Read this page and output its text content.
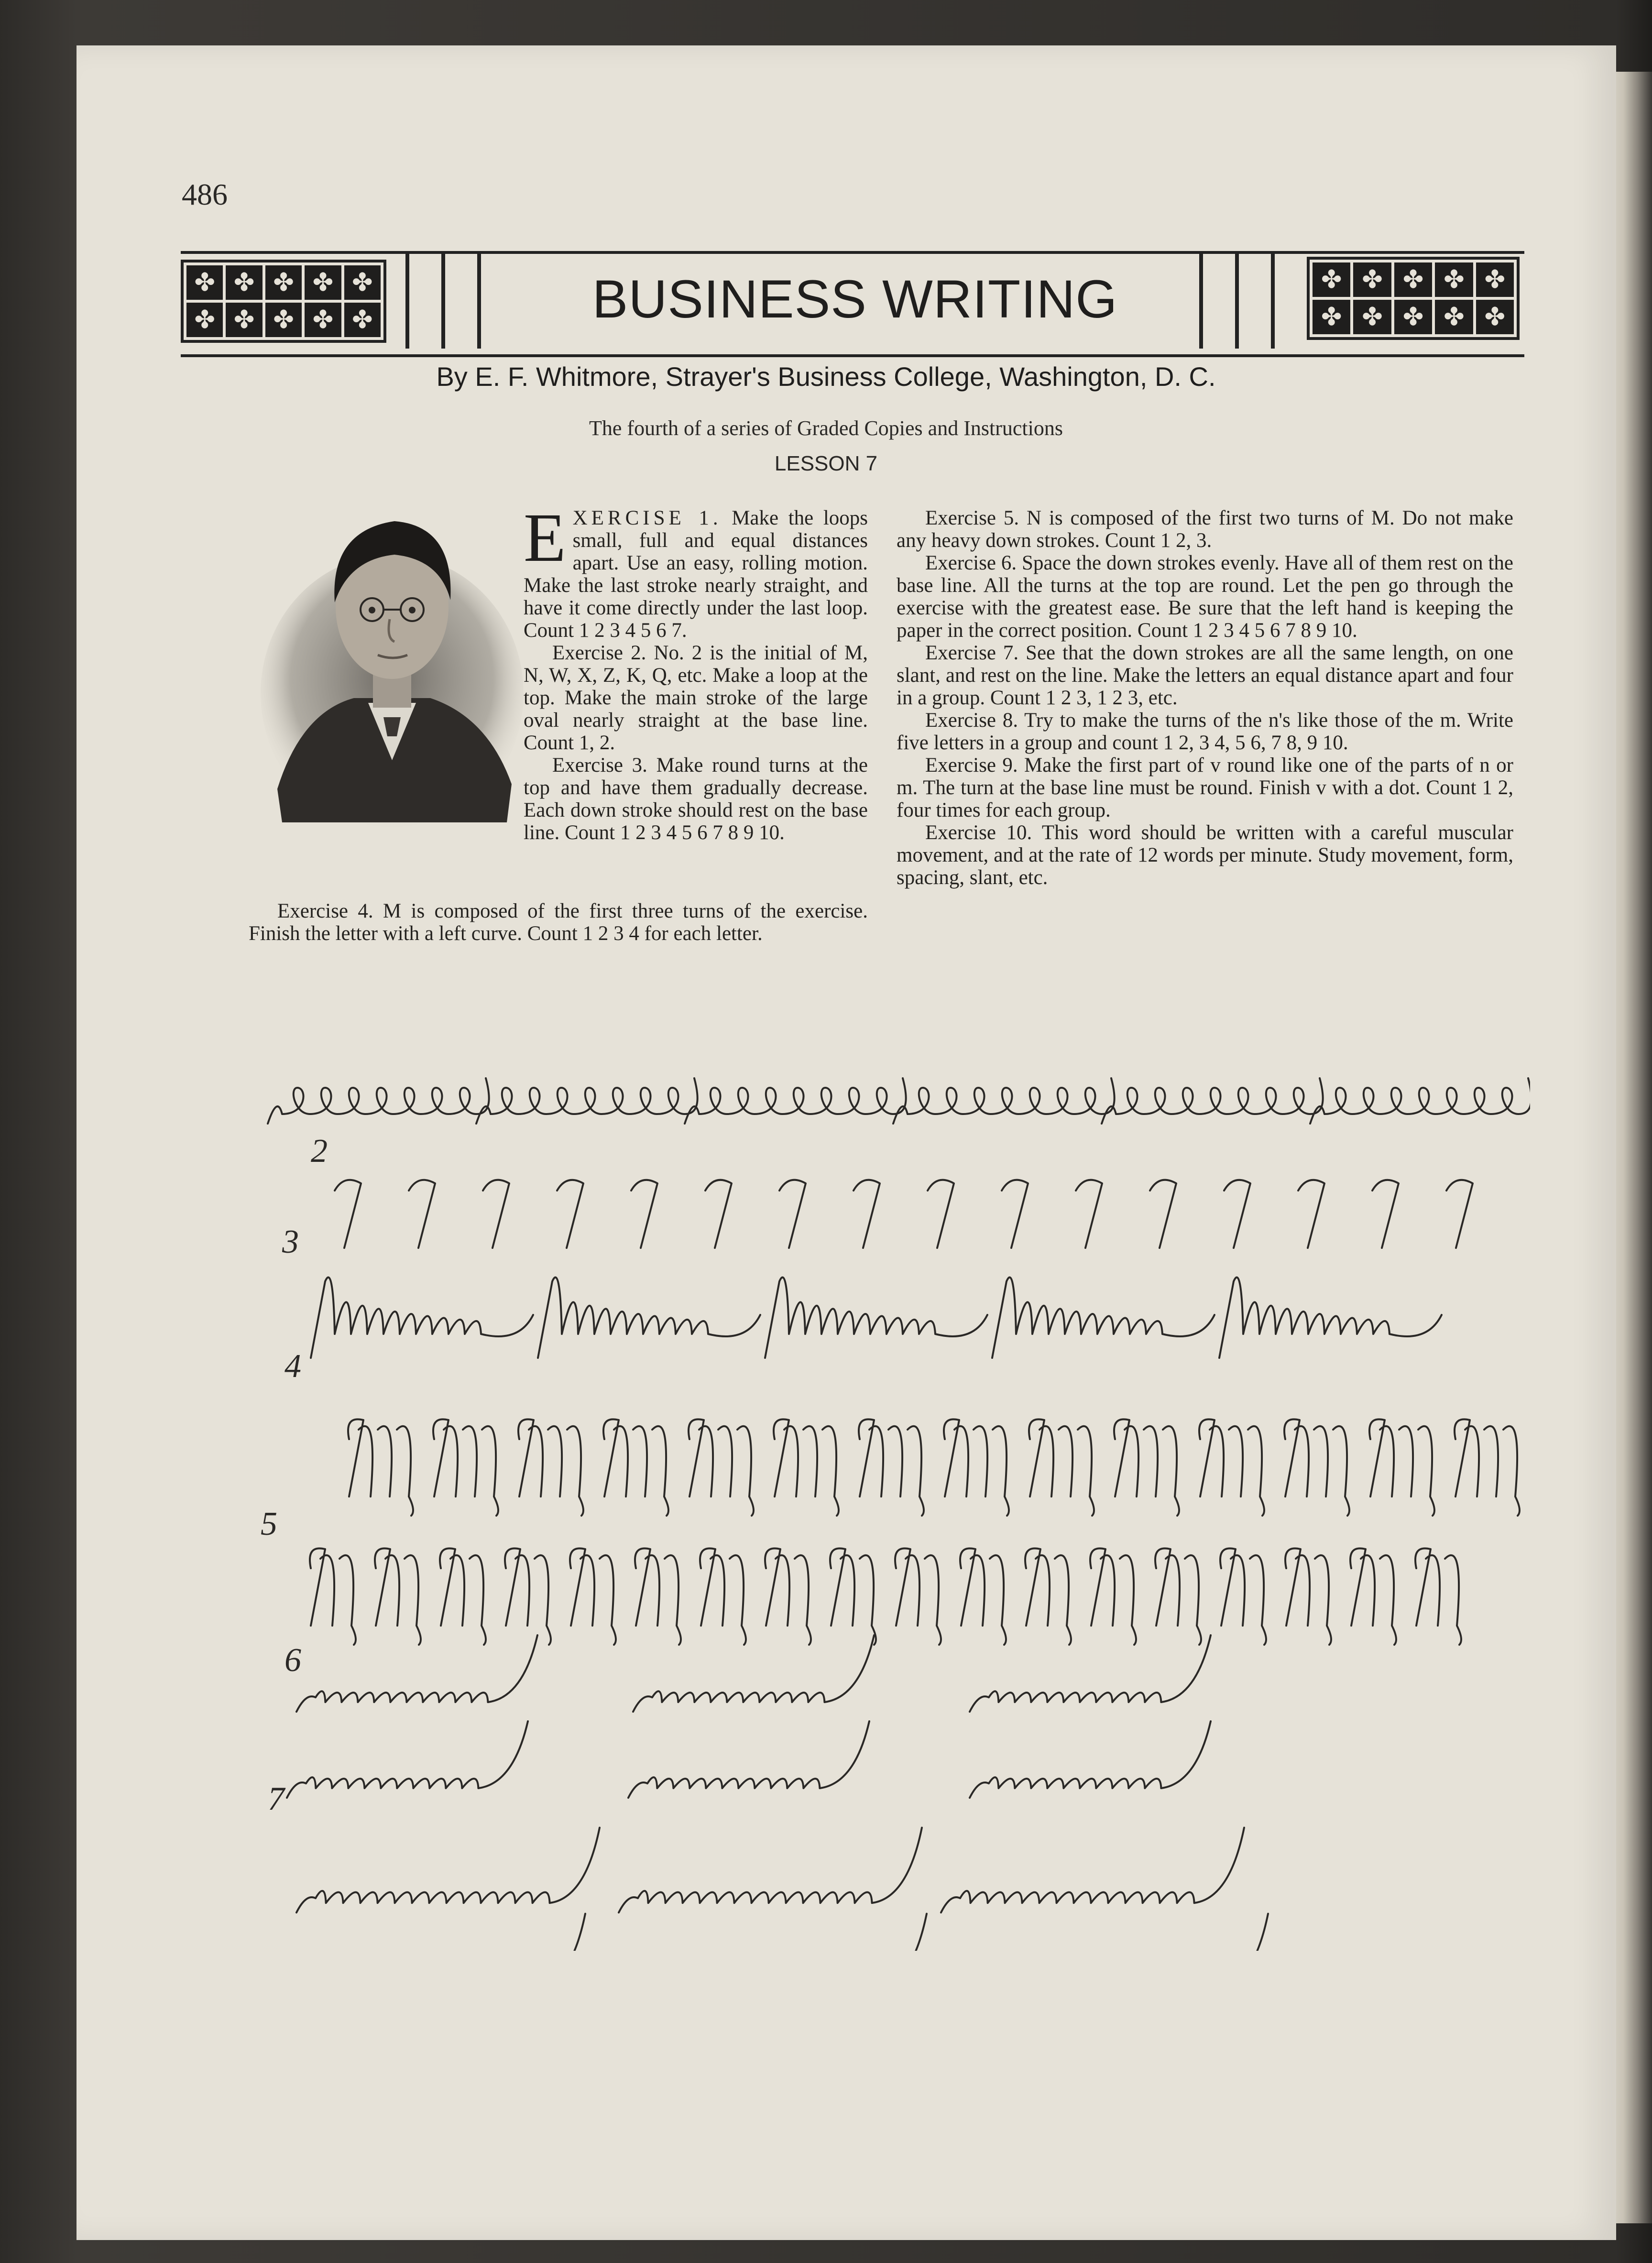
486
✤ ✤ ✤ ✤ ✤
✤ ✤ ✤ ✤ ✤	BUSINESS WRITING	✤ ✤ ✤ ✤ ✤
✤ ✤ ✤ ✤ ✤
By E. F. Whitmore, Strayer's Business College, Washington, D. C.
The fourth of a series of Graded Copies and Instructions
LESSON 7

EXERCISE 1. Make the loops small, full and equal distances apart. Use an easy, rolling motion. Make the last stroke nearly straight, and have it come directly under the last loop. Count 1 2 3 4 5 6 7.

Exercise 2. No. 2 is the initial of M, N, W, X, Z, K, Q, etc. Make a loop at the top. Make the main stroke of the large oval nearly straight at the base line. Count 1, 2.

Exercise 3. Make round turns at the top and have them gradually decrease. Each down stroke should rest on the base line. Count 1 2 3 4 5 6 7 8 9 10.

Exercise 4. M is composed of the first three turns of the exercise. Finish the letter with a left curve. Count 1 2 3 4 for each letter.

Exercise 5. N is composed of the first two turns of M. Do not make any heavy down strokes. Count 1 2, 3.

Exercise 6. Space the down strokes evenly. Have all of them rest on the base line. All the turns at the top are round. Let the pen go through the exercise with the greatest ease. Be sure that the left hand is keeping the paper in the correct position. Count 1 2 3 4 5 6 7 8 9 10.

Exercise 7. See that the down strokes are all the same length, on one slant, and rest on the line. Make the letters an equal distance apart and four in a group. Count 1 2 3, 1 2 3, etc.

Exercise 8. Try to make the turns of the n's like those of the m. Write five letters in a group and count 1 2, 3 4, 5 6, 7 8, 9 10.

Exercise 9. Make the first part of v round like one of the parts of n or m. The turn at the base line must be round. Finish v with a dot. Count 1 2, four times for each group.

Exercise 10. This word should be written with a careful muscular movement, and at the rate of 12 words per minute. Study movement, form, spacing, slant, etc.

2
3
4
5
6
7
